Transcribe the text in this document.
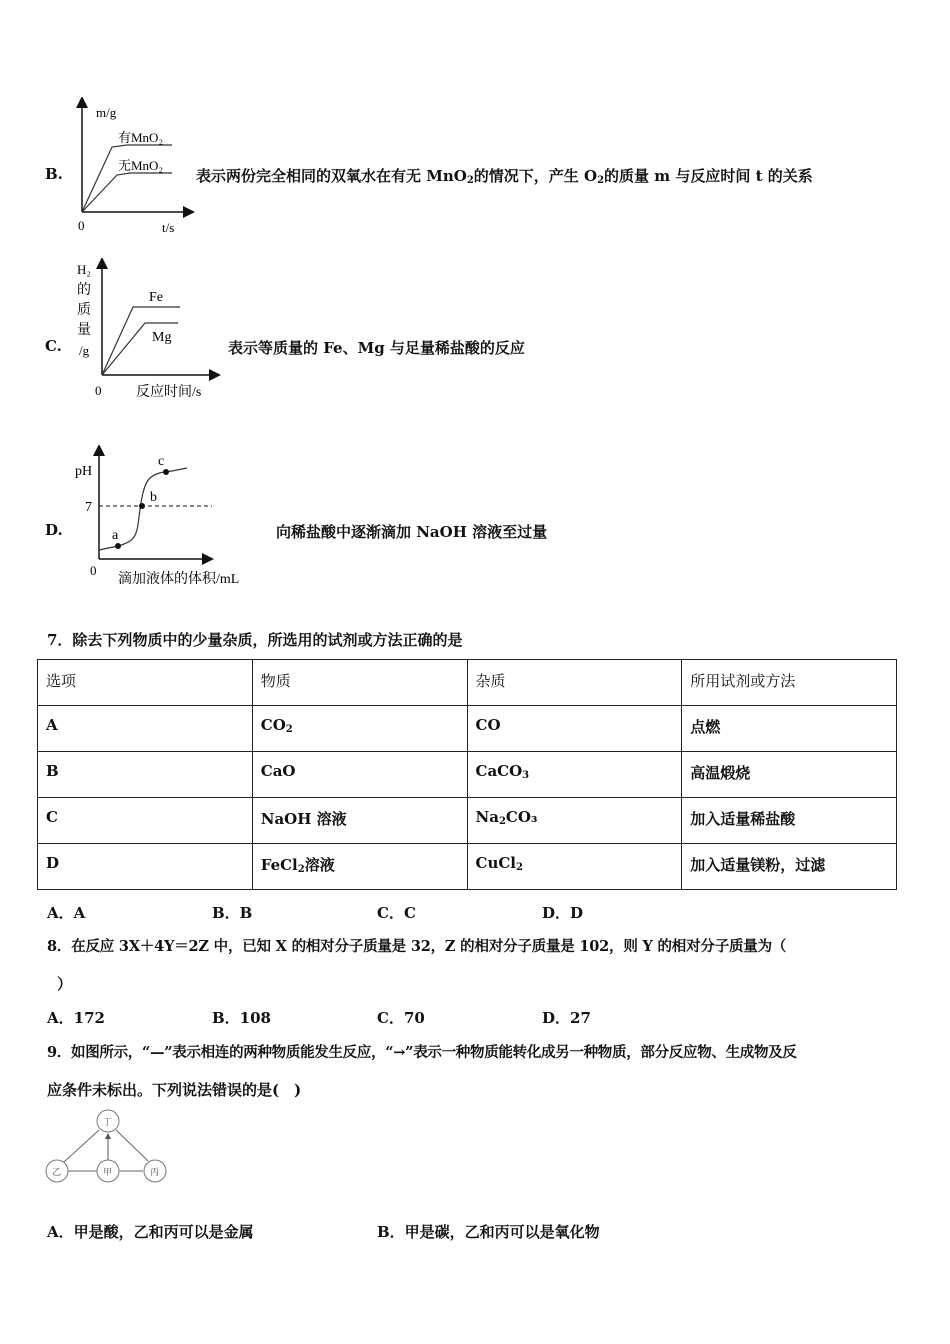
B.
m/g
有MnO₂
无MnO₂
0	t/s
表示两份完全相同的双氧水在有无 MnO$_2$的情况下，产生 $O_2$的质量 m 与反应时间 t 的关系
C.
H₂
的
质
量
/g
Fe
Mg
0 反应时间/s
表示等质量的 Fe、Mg 与足量稀盐酸的反应
D.	a
b
c
pH
7
0
滴加液体的体积/mL
向稀盐酸中逐渐滴加 NaOH 溶液至过量
7．除去下列物质中的少量杂质，所选用的试剂或方法正确的是
选项	物质	杂质	所用试剂或方法
A	$CO_2$	CO	点燃
B	CaO	CaCO$_3$	高温煅烧
C	NaOH 溶液	$Na_2CO_3$	加入适量稀盐酸
D	FeCl$_2$溶液	CuCl$_2$	加入适量镁粉，过滤
A．A	B．B	C．C	D．D
8．在反应 3X＋4Y＝2Z 中，已知 X 的相对分子质量是 32，Z 的相对分子质量是 102，则 Y 的相对分子质量为（
）
A．172	B．108	C．70	D．27
9．如图所示，“—”表示相连的两种物质能发生反应，“→”表示一种物质能转化成另一种物质，部分反应物、生成物及反
应条件未标出。下列说法错误的是(　)
丁
乙	甲	丙
A．甲是酸，乙和丙可以是金属	B．甲是碳，乙和丙可以是氧化物
